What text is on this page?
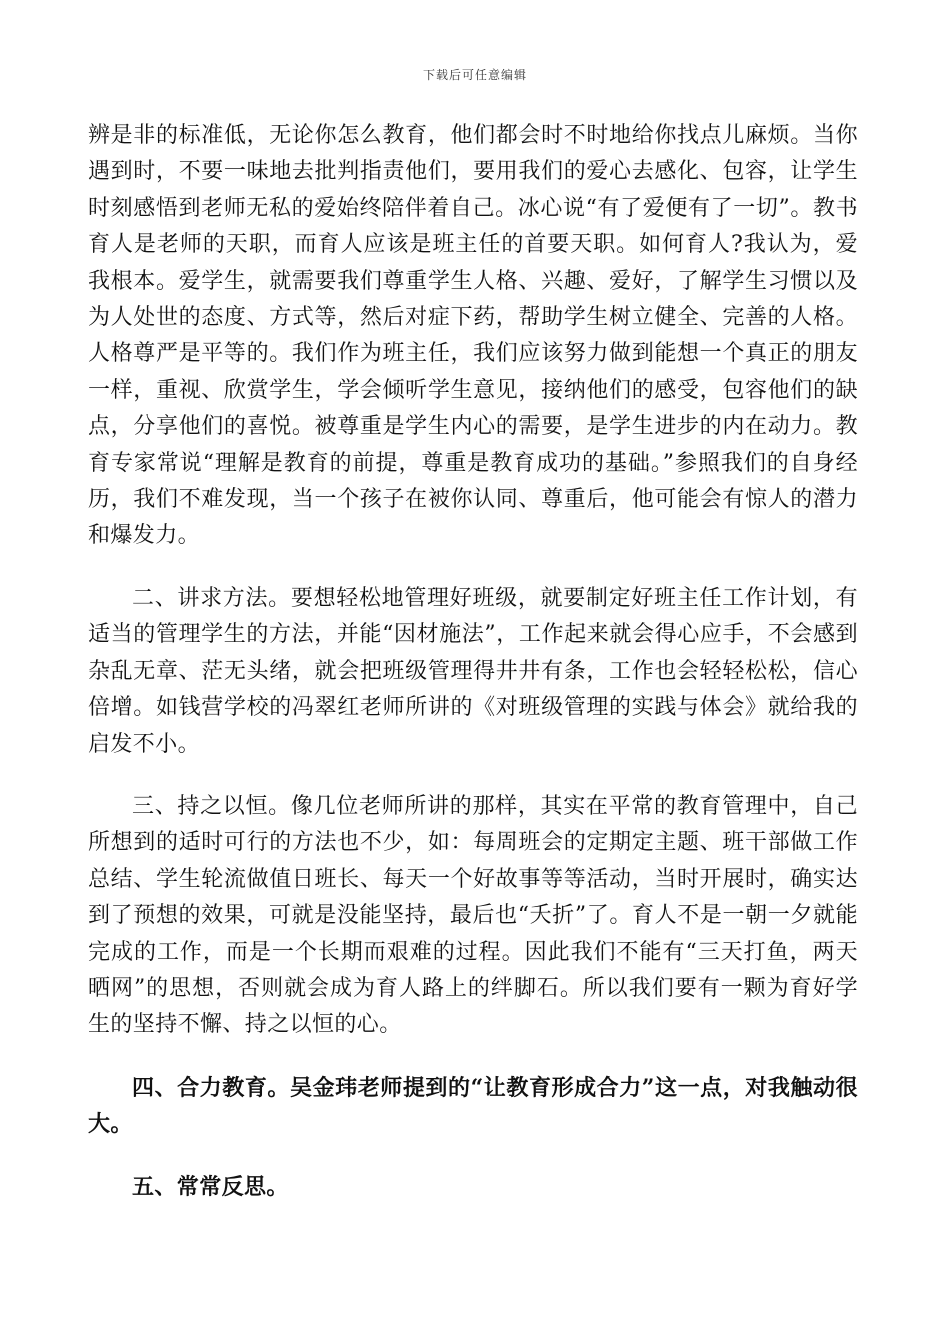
下载后可任意编辑

辨是非的标准低，无论你怎么教育，他们都会时不时地给你找点儿麻烦。当你遇到时，不要一味地去批判指责他们，要用我们的爱心去感化、包容，让学生时刻感悟到老师无私的爱始终陪伴着自己。冰心说“有了爱便有了一切”。教书育人是老师的天职，而育人应该是班主任的首要天职。如何育人?我认为，爱我根本。爱学生，就需要我们尊重学生人格、兴趣、爱好，了解学生习惯以及为人处世的态度、方式等，然后对症下药，帮助学生树立健全、完善的人格。人格尊严是平等的。我们作为班主任，我们应该努力做到能想一个真正的朋友一样，重视、欣赏学生，学会倾听学生意见，接纳他们的感受，包容他们的缺点，分享他们的喜悦。被尊重是学生内心的需要，是学生进步的内在动力。教育专家常说“理解是教育的前提，尊重是教育成功的基础。”参照我们的自身经历，我们不难发现，当一个孩子在被你认同、尊重后，他可能会有惊人的潜力和爆发力。

二、讲求方法。要想轻松地管理好班级，就要制定好班主任工作计划，有适当的管理学生的方法，并能“因材施法”，工作起来就会得心应手，不会感到杂乱无章、茫无头绪，就会把班级管理得井井有条，工作也会轻轻松松，信心倍增。如钱营学校的冯翠红老师所讲的《对班级管理的实践与体会》就给我的启发不小。

三、持之以恒。像几位老师所讲的那样，其实在平常的教育管理中，自己所想到的适时可行的方法也不少，如：每周班会的定期定主题、班干部做工作总结、学生轮流做值日班长、每天一个好故事等等活动，当时开展时，确实达到了预想的效果，可就是没能坚持，最后也“夭折”了。育人不是一朝一夕就能完成的工作，而是一个长期而艰难的过程。因此我们不能有“三天打鱼，两天晒网”的思想，否则就会成为育人路上的绊脚石。所以我们要有一颗为育好学生的坚持不懈、持之以恒的心。

四、合力教育。吴金玮老师提到的“让教育形成合力”这一点，对我触动很大。

五、常常反思。
